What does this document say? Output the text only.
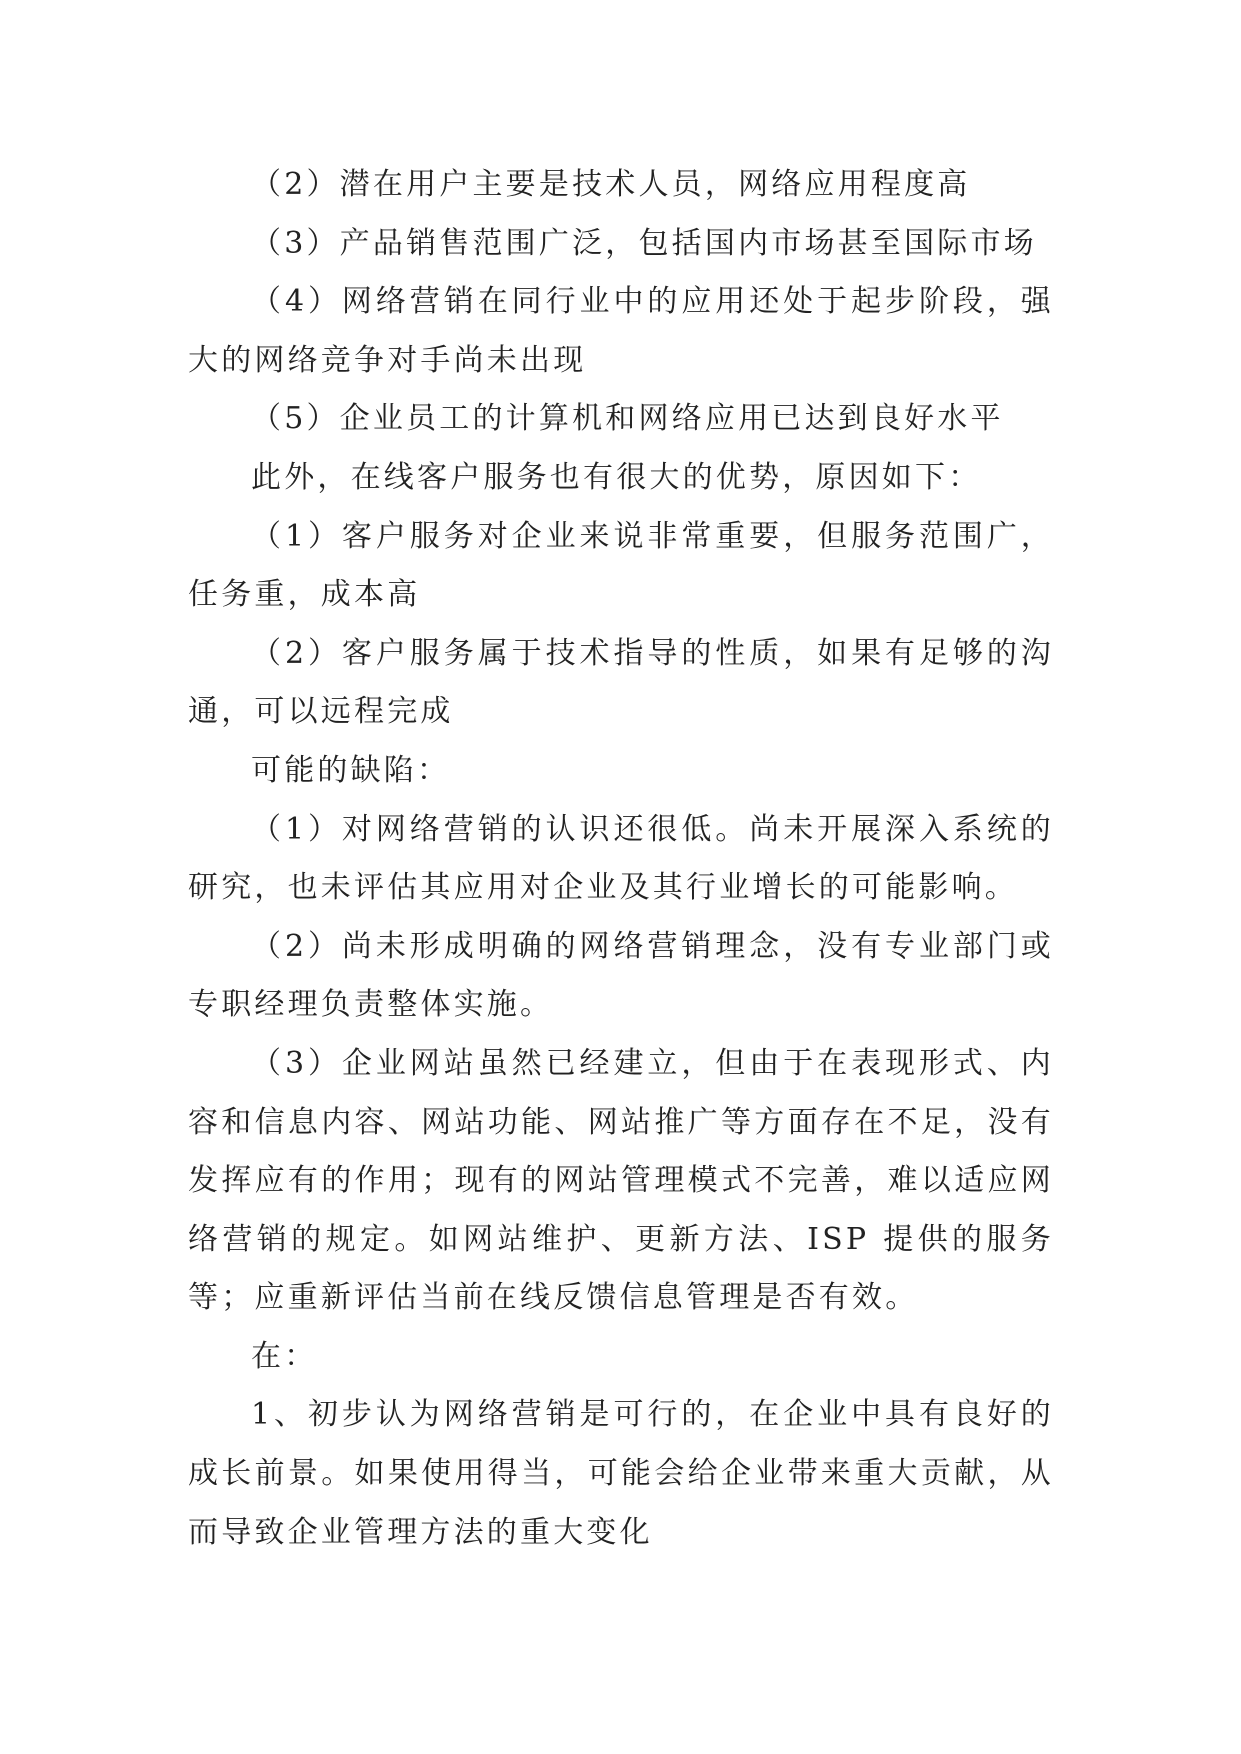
（2）潜在用户主要是技术人员，网络应用程度高

（3）产品销售范围广泛，包括国内市场甚至国际市场

（4）网络营销在同行业中的应用还处于起步阶段，强大的网络竞争对手尚未出现

（5）企业员工的计算机和网络应用已达到良好水平

此外，在线客户服务也有很大的优势，原因如下：

（1）客户服务对企业来说非常重要，但服务范围广，任务重，成本高

（2）客户服务属于技术指导的性质，如果有足够的沟通，可以远程完成

可能的缺陷：

（1）对网络营销的认识还很低。尚未开展深入系统的研究，也未评估其应用对企业及其行业增长的可能影响。

（2）尚未形成明确的网络营销理念，没有专业部门或专职经理负责整体实施。

（3）企业网站虽然已经建立，但由于在表现形式、内容和信息内容、网站功能、网站推广等方面存在不足，没有发挥应有的作用；现有的网站管理模式不完善，难以适应网络营销的规定。如网站维护、更新方法、ISP 提供的服务等；应重新评估当前在线反馈信息管理是否有效。

在：

1、初步认为网络营销是可行的，在企业中具有良好的成长前景。如果使用得当，可能会给企业带来重大贡献，从而导致企业管理方法的重大变化
